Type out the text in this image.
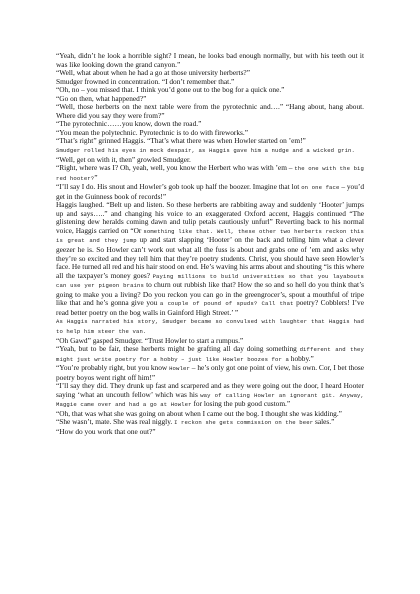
“Yeah, didn’t he look a horrible sight? I mean, he looks bad enough normally, but with his teeth out it was like looking down the grand canyon.”

“Well, what about when he had a go at those university herberts?”

Smudger frowned in concentration. “I don’t remember that.”

“Oh, no – you missed that. I think you’d gone out to the bog for a quick one.”

“Go on then, what happened?”

“Well, those herberts on the next table were from the pyrotechnic and….” “Hang about, hang about. Where did you say they were from?”

“The pyrotechnic……you know, down the road.”

“You mean the polytechnic. Pyrotechnic is to do with fireworks.”

“That’s right” grinned Haggis. “That’s what there was when Howler started on ’em!”

Smudger rolled his eyes in mock despair, as Haggis gave him a nudge and a wicked grin.

“Well, get on with it, then” growled Smudger.

“Right, where was I? Oh, yeah, well, you know the Herbert who was with ’em – the one with the big red hooter?”

“I’ll say I do. His snout and Howler’s gob took up half the boozer. Imagine that lot on one face – you’d get in the Guinness book of records!”

Haggis laughed. “Belt up and listen. So these herberts are rabbiting away and suddenly ‘Hooter’ jumps up and says…..” and changing his voice to an exaggerated Oxford accent, Haggis continued “The glistening dew heralds coming dawn and tulip petals cautiously unfurl” Reverting back to his normal voice, Haggis carried on “Or something like that. Well, these other two herberts reckon this is great and they jump up and start slapping ‘Hooter’ on the back and telling him what a clever geezer he is. So Howler can’t work out what all the fuss is about and grabs one of ’em and asks why they’re so excited and they tell him that they’re poetry students. Christ, you should have seen Howler’s face. He turned all red and his hair stood on end. He’s waving his arms about and shouting “is this where all the taxpayer’s money goes? Paying millions to build universities so that you layabouts can use yer pigeon brains to churn out rubbish like that? How the so and so hell do you think that’s going to make you a living? Do you reckon you can go in the greengrocer’s, spout a mouthful of tripe like that and he’s gonna give you a couple of pound of spuds? Call that poetry? Cobblers! I’ve read better poetry on the bog walls in Gainford High Street.’ ”

As Haggis narrated his story, Smudger became so convulsed with laughter that Haggis had to help him steer the van.

“Oh Gawd” gasped Smudger. “Trust Howler to start a rumpus.”

“Yeah, but to be fair, these herberts might be grafting all day doing something different and they might just write poetry for a hobby – just like Howler boozes for a hobby.”

“You’re probably right, but you know Howler – he’s only got one point of view, his own. Cor, I bet those poetry boyos went right off him!”

“I’ll say they did. They drunk up fast and scarpered and as they were going out the door, I heard Hooter saying ‘what an uncouth fellow’ which was his way of calling Howler an ignorant git. Anyway, Maggie came over and had a go at Howler for losing the pub good custom.”

“Oh, that was what she was going on about when I came out the bog. I thought she was kidding.”

“She wasn’t, mate. She was real niggly. I reckon she gets commission on the beer sales.”

“How do you work that one out?”
